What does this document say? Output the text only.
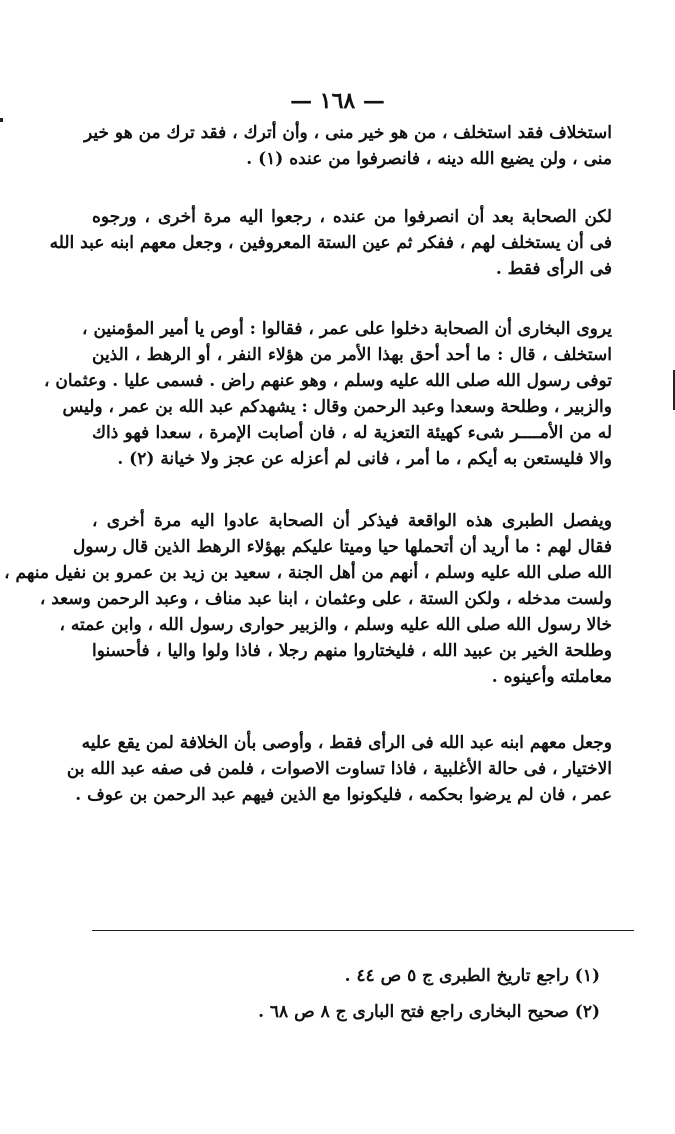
— ١٦٨ —
استخلاف فقد استخلف ، من هو خير منى ، وأن أترك ، فقد ترك من هو خير
منى ، ولن يضيع الله دينه ، فانصرفوا من عنده (١) .
لكن الصحابة بعد أن انصرفوا من عنده ، رجعوا اليه مرة أخرى ، ورجوه
فى أن يستخلف لهم ، ففكر ثم عين الستة المعروفين ، وجعل معهم ابنه عبد الله
فى الرأى فقط .
يروى البخارى أن الصحابة دخلوا على عمر ، فقالوا : أوص يا أمير المؤمنين ،
استخلف ، قال : ما أحد أحق بهذا الأمر من هؤلاء النفر ، أو الرهط ، الذين
توفى رسول الله صلى الله عليه وسلم ، وهو عنهم راض . فسمى عليا . وعثمان ،
والزبير ، وطلحة وسعدا وعبد الرحمن وقال : يشهدكم عبد الله بن عمر ، وليس
له من الأمــــر شىء كهيئة التعزية له ، فان أصابت الإمرة ، سعدا فهو ذاك
والا فليستعن به أيكم ، ما أمر ، فانى لم أعزله عن عجز ولا خيانة (٢) .
ويفصل الطبرى هذه الواقعة فيذكر أن الصحابة عادوا اليه مرة أخرى ،
فقال لهم : ما أريد أن أتحملها حيا وميتا عليكم بهؤلاء الرهط الذين قال رسول
الله صلى الله عليه وسلم ، أنهم من أهل الجنة ، سعيد بن زيد بن عمرو بن نفيل منهم ،
ولست مدخله ، ولكن الستة ، على وعثمان ، ابنا عبد مناف ، وعبد الرحمن وسعد ،
خالا رسول الله صلى الله عليه وسلم ، والزبير حوارى رسول الله ، وابن عمته ،
وطلحة الخير بن عبيد الله ، فليختاروا منهم رجلا ، فاذا ولوا واليا ، فأحسنوا
معاملته وأعينوه .
وجعل معهم ابنه عبد الله فى الرأى فقط ، وأوصى بأن الخلافة لمن يقع عليه
الاختيار ، فى حالة الأغلبية ، فاذا تساوت الاصوات ، فلمن فى صفه عبد الله بن
عمر ، فان لم يرضوا بحكمه ، فليكونوا مع الذين فيهم عبد الرحمن بن عوف .
(١) راجع تاريخ الطبرى ج ٥ ص ٤٤ .
(٢) صحيح البخارى راجع فتح البارى ج ٨ ص ٦٨ .
